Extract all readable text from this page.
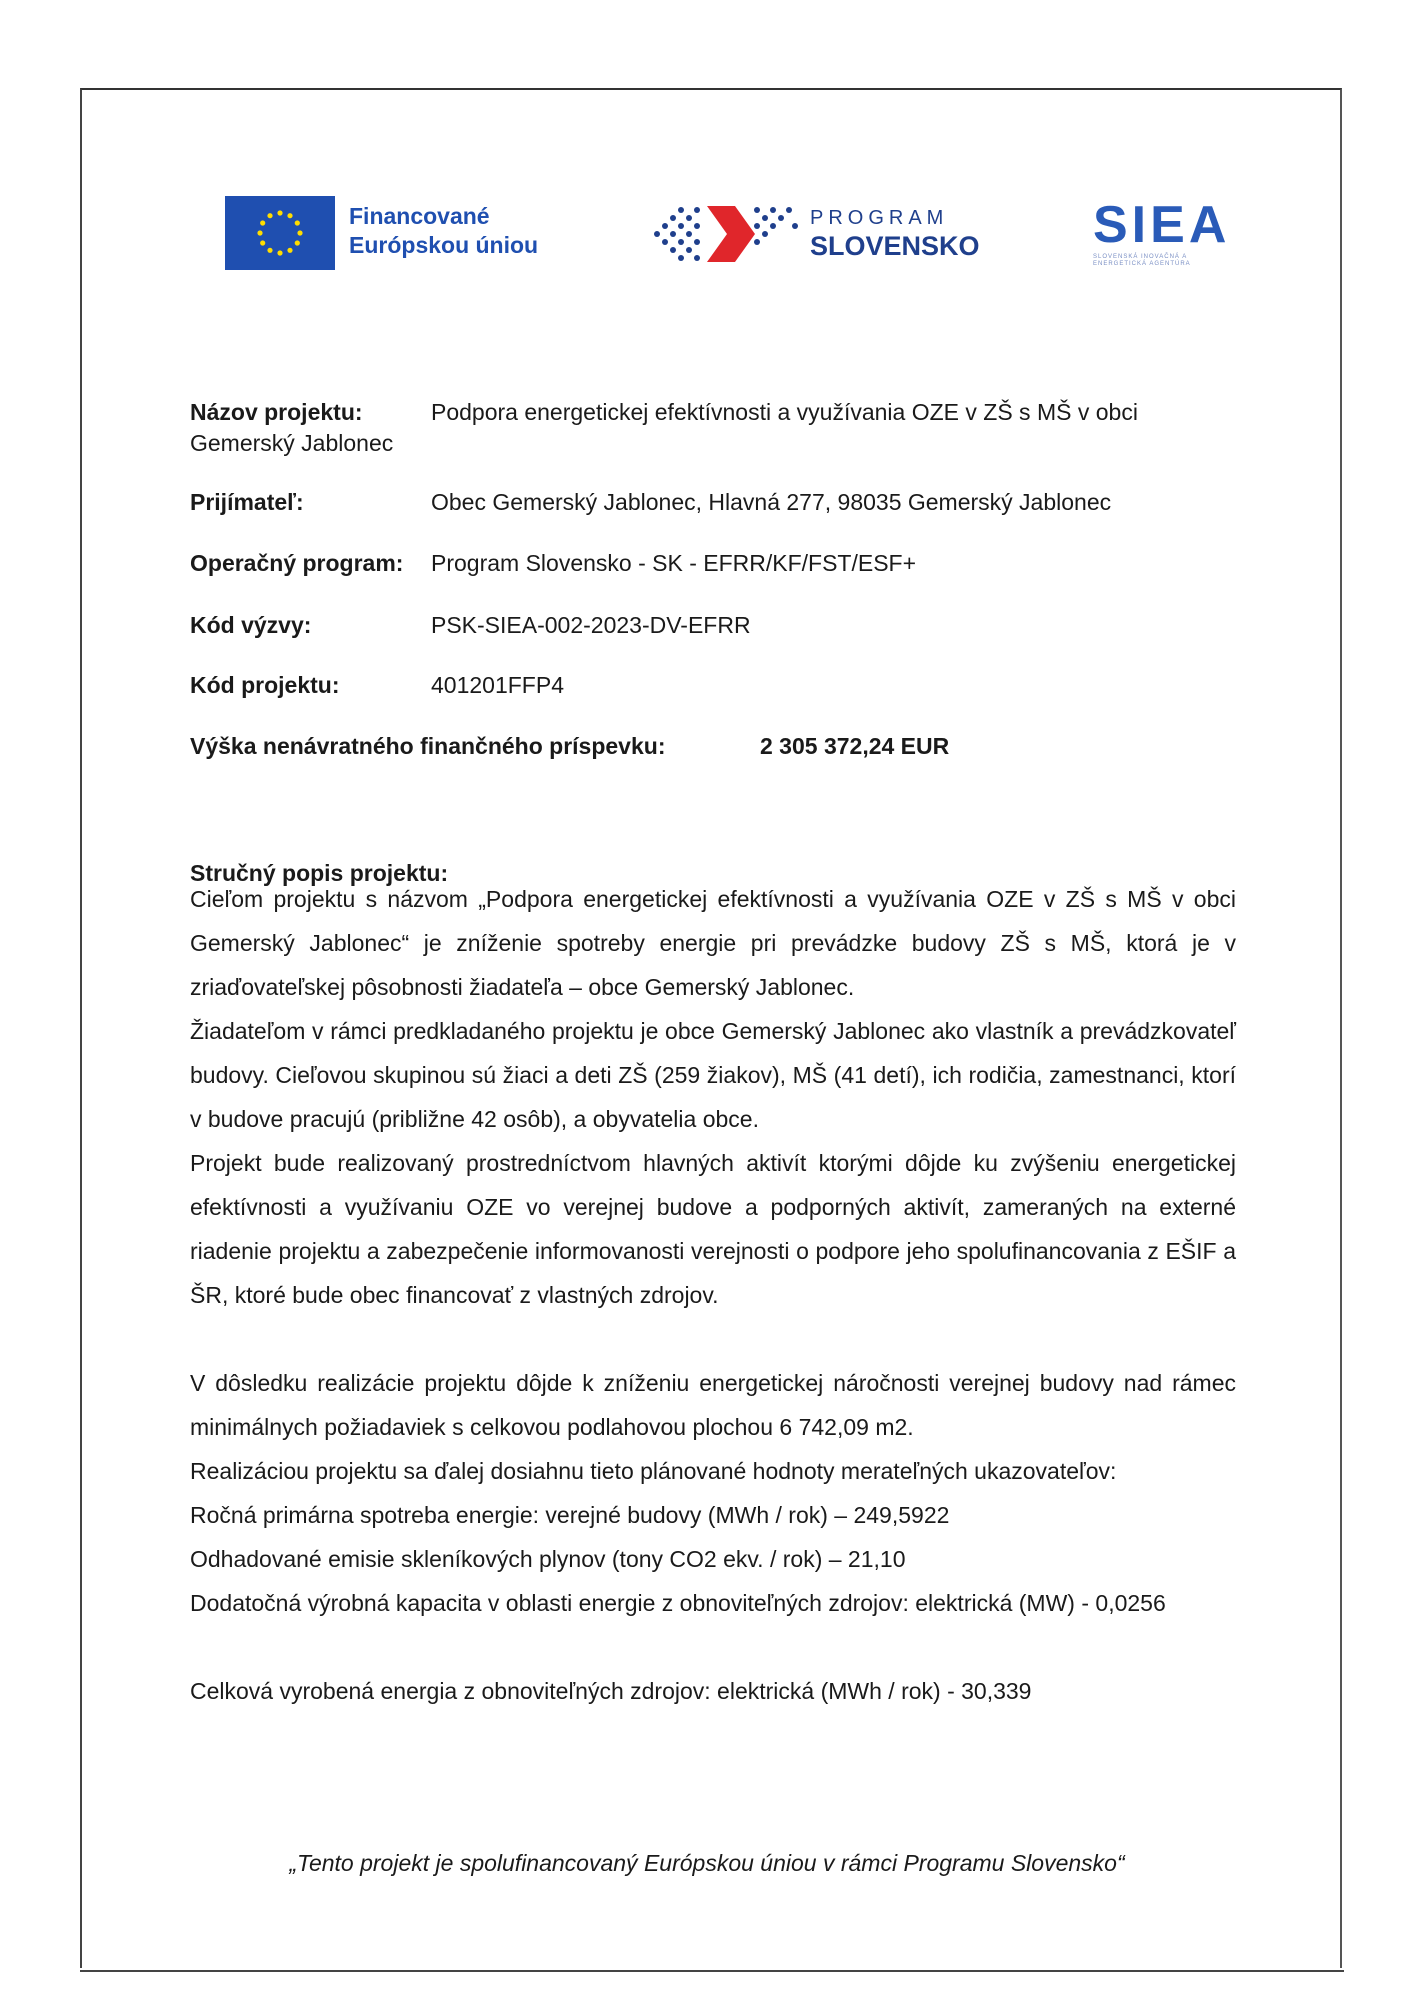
Financované
Európskou úniou
PROGRAM
SLOVENSKO SIEA
SLOVENSKÁ INOVAČNÁ A ENERGETICKÁ AGENTÚRA
Názov projektu:	Podpora energetickej efektívnosti a využívania OZE v ZŠ s MŠ v obci
Gemerský Jablonec
Prijímateľ:	Obec Gemerský Jablonec, Hlavná 277, 98035 Gemerský Jablonec
Operačný program: Program Slovensko - SK - EFRR/KF/FST/ESF+
Kód výzvy:	PSK-SIEA-002-2023-DV-EFRR
Kód projektu:	401201FFP4
Výška nenávratného finančného príspevku:	2 305 372,24 EUR
Stručný popis projektu:
Cieľom projektu s názvom „Podpora energetickej efektívnosti a využívania OZE v ZŠ s MŠ v obci Gemerský Jablonec“ je zníženie spotreby energie pri prevádzke budovy ZŠ s MŠ, ktorá je v zriaďovateľskej pôsobnosti žiadateľa – obce Gemerský Jablonec.
Žiadateľom v rámci predkladaného projektu je obce Gemerský Jablonec ako vlastník a prevádzkovateľ budovy. Cieľovou skupinou sú žiaci a deti ZŠ (259 žiakov), MŠ (41 detí), ich rodičia, zamestnanci, ktorí v budove pracujú (približne 42 osôb), a obyvatelia obce.
Projekt bude realizovaný prostredníctvom hlavných aktivít ktorými dôjde ku zvýšeniu energetickej efektívnosti a využívaniu OZE vo verejnej budove a podporných aktivít, zameraných na externé riadenie projektu a zabezpečenie informovanosti verejnosti o podpore jeho spolufinancovania z EŠIF a ŠR, ktoré bude obec financovať z vlastných zdrojov.
V dôsledku realizácie projektu dôjde k zníženiu energetickej náročnosti verejnej budovy nad rámec minimálnych požiadaviek s celkovou podlahovou plochou 6 742,09 m2.
Realizáciou projektu sa ďalej dosiahnu tieto plánované hodnoty merateľných ukazovateľov:
Ročná primárna spotreba energie: verejné budovy (MWh / rok) – 249,5922
Odhadované emisie skleníkových plynov (tony CO2 ekv. / rok) – 21,10
Dodatočná výrobná kapacita v oblasti energie z obnoviteľných zdrojov: elektrická (MW) - 0,0256
Celková vyrobená energia z obnoviteľných zdrojov: elektrická (MWh / rok) - 30,339
„Tento projekt je spolufinancovaný Európskou úniou v rámci Programu Slovensko“
